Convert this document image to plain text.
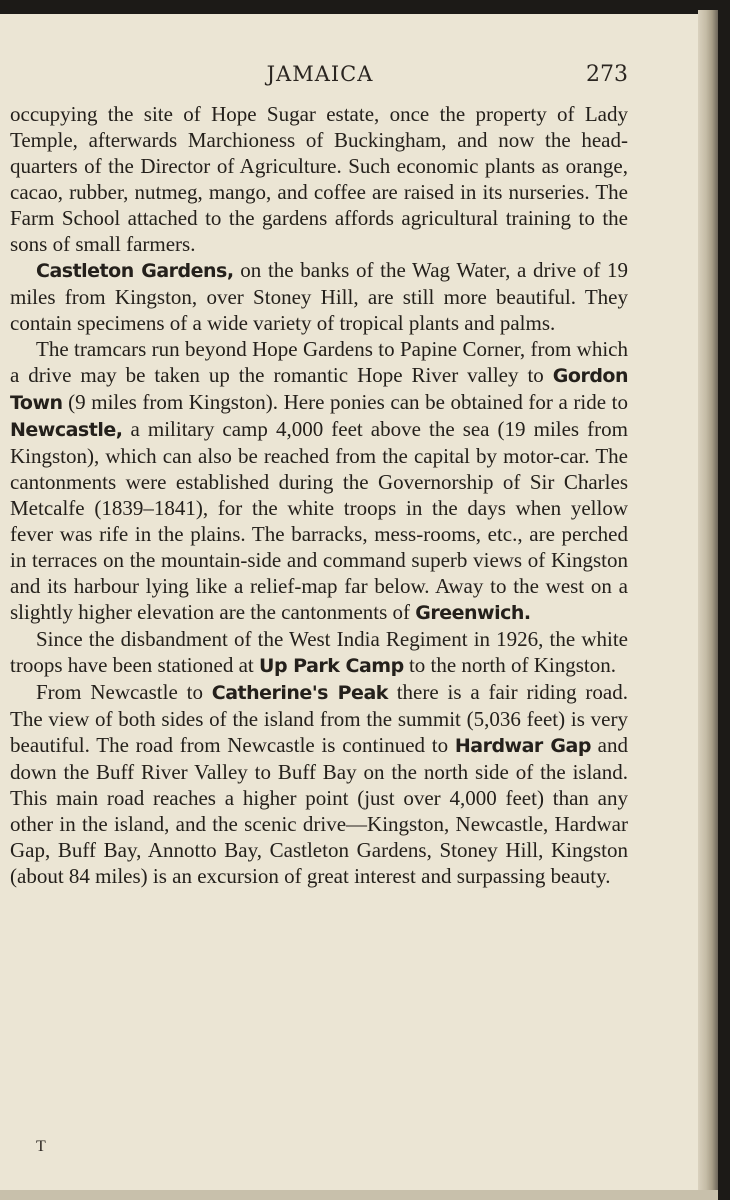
JAMAICA	273

occupying the site of Hope Sugar estate, once the property of Lady Temple, afterwards Marchioness of Buckingham, and now the head-quarters of the Director of Agriculture. Such economic plants as orange, cacao, rubber, nutmeg, mango, and coffee are raised in its nurseries. The Farm School attached to the gardens affords agricultural training to the sons of small farmers.

Castleton Gardens, on the banks of the Wag Water, a drive of 19 miles from Kingston, over Stoney Hill, are still more beautiful. They contain specimens of a wide variety of tropical plants and palms.

The tramcars run beyond Hope Gardens to Papine Corner, from which a drive may be taken up the romantic Hope River valley to Gordon Town (9 miles from Kingston). Here ponies can be obtained for a ride to Newcastle, a military camp 4,000 feet above the sea (19 miles from Kingston), which can also be reached from the capital by motor-car. The cantonments were established during the Governorship of Sir Charles Metcalfe (1839–1841), for the white troops in the days when yellow fever was rife in the plains. The barracks, mess-rooms, etc., are perched in terraces on the mountain-side and command superb views of Kingston and its harbour lying like a relief-map far below. Away to the west on a slightly higher elevation are the cantonments of Greenwich.

Since the disbandment of the West India Regiment in 1926, the white troops have been stationed at Up Park Camp to the north of Kingston.

From Newcastle to Catherine's Peak there is a fair riding road. The view of both sides of the island from the summit (5,036 feet) is very beautiful. The road from Newcastle is continued to Hardwar Gap and down the Buff River Valley to Buff Bay on the north side of the island. This main road reaches a higher point (just over 4,000 feet) than any other in the island, and the scenic drive—Kingston, Newcastle, Hardwar Gap, Buff Bay, Annotto Bay, Castleton Gardens, Stoney Hill, Kingston (about 84 miles) is an excursion of great interest and surpassing beauty.

T
